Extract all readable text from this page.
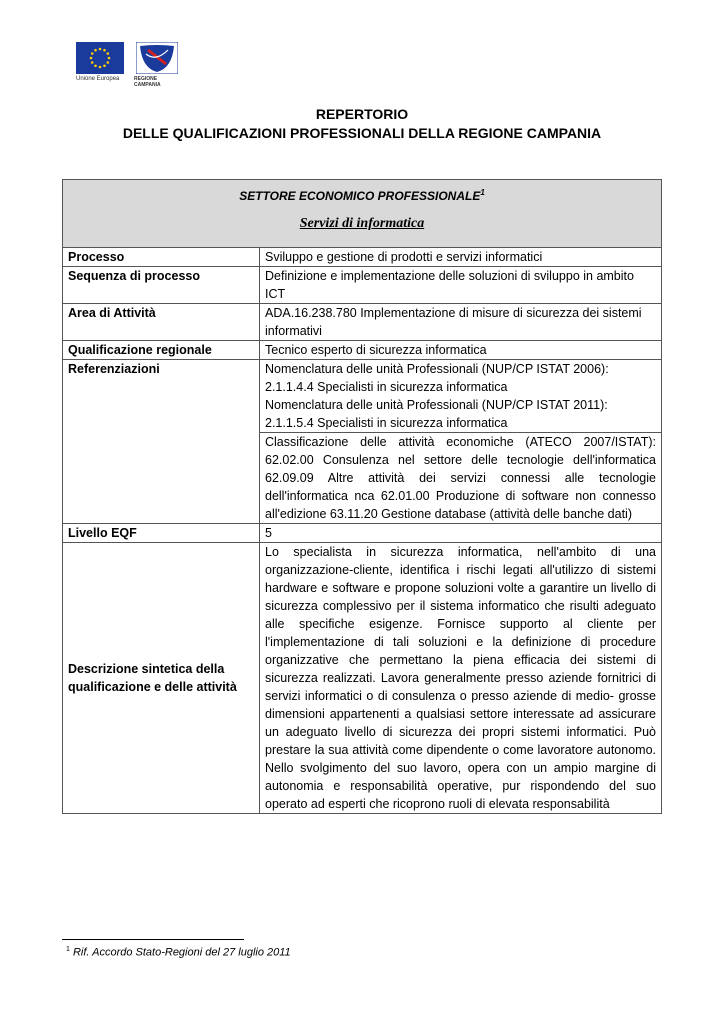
Unione Europea	REGIONE CAMPANIA
REPERTORIO
DELLE QUALIFICAZIONI PROFESSIONALI DELLA REGIONE CAMPANIA
SETTORE ECONOMICO PROFESSIONALE$^1$
Servizi di informatica	

Processo	Sviluppo e gestione di prodotti e servizi informatici
Sequenza di processo	Definizione e implementazione delle soluzioni di sviluppo in ambito ICT
Area di Attività	ADA.16.238.780 Implementazione di misure di sicurezza dei sistemi informativi
Qualificazione regionale	Tecnico esperto di sicurezza informatica
Referenziazioni	Nomenclatura delle unità Professionali (NUP/CP ISTAT 2006):
2.1.1.4.4 Specialisti in sicurezza informatica
Nomenclatura delle unità Professionali (NUP/CP ISTAT 2011):
2.1.1.5.4 Specialisti in sicurezza informatica

	Classificazione delle attività economiche (ATECO 2007/ISTAT): 62.02.00 Consulenza nel settore delle tecnologie dell'informatica 62.09.09 Altre attività dei servizi connessi alle tecnologie dell'informatica nca 62.01.00 Produzione di software non connesso all'edizione 63.11.20 Gestione database (attività delle banche dati)
Livello EQF	5
Descrizione sintetica della qualificazione e delle attività	Lo specialista in sicurezza informatica, nell'ambito di una organizzazione-cliente, identifica i rischi legati all'utilizzo di sistemi hardware e software e propone soluzioni volte a garantire un livello di sicurezza complessivo per il sistema informatico che risulti adeguato alle specifiche esigenze. Fornisce supporto al cliente per l'implementazione di tali soluzioni e la definizione di procedure organizzative che permettano la piena efficacia dei sistemi di sicurezza realizzati. Lavora generalmente presso aziende fornitrici di servizi informatici o di consulenza o presso aziende di medio- grosse dimensioni appartenenti a qualsiasi settore interessate ad assicurare un adeguato livello di sicurezza dei propri sistemi informatici. Può prestare la sua attività come dipendente o come lavoratore autonomo. Nello svolgimento del suo lavoro, opera con un ampio margine di autonomia e responsabilità operative, pur rispondendo del suo operato ad esperti che ricoprono ruoli di elevata responsabilità
$^1$ Rif. Accordo Stato-Regioni del 27 luglio 2011
